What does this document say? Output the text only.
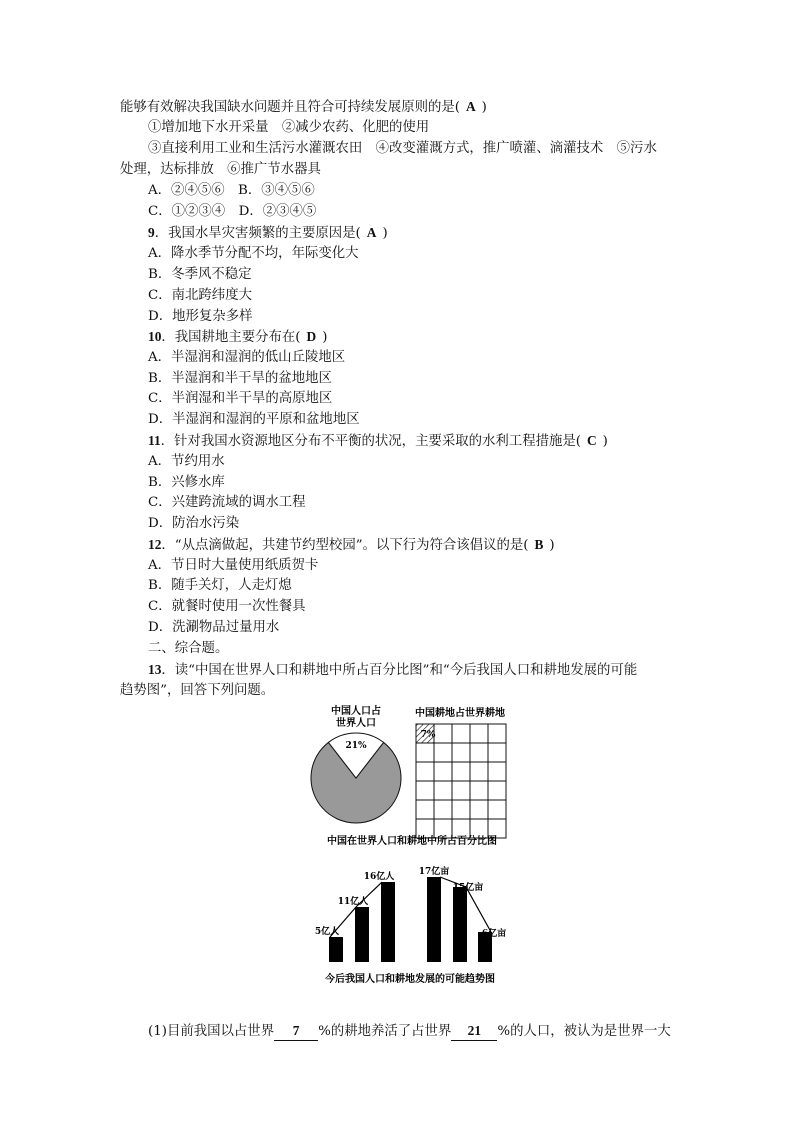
能够有效解决我国缺水问题并且符合可持续发展原则的是( A )
①增加地下水开采量　②减少农药、化肥的使用
③直接利用工业和生活污水灌溉农田　④改变灌溉方式，推广喷灌、滴灌技术　⑤污水
处理，达标排放　⑥推广节水器具
A．②④⑤⑥　B．③④⑤⑥
C．①②③④　D．②③④⑤
9．我国水旱灾害频繁的主要原因是( A )
A．降水季节分配不均，年际变化大
B．冬季风不稳定
C．南北跨纬度大
D．地形复杂多样
10．我国耕地主要分布在( D )
A．半湿润和湿润的低山丘陵地区
B．半湿润和半干旱的盆地地区
C．半润湿和半干旱的高原地区
D．半湿润和湿润的平原和盆地地区
11．针对我国水资源地区分布不平衡的状况，主要采取的水利工程措施是( C )
A．节约用水
B．兴修水库
C．兴建跨流域的调水工程
D．防治水污染
12．“从点滴做起，共建节约型校园”。以下行为符合该倡议的是( B )
A．节日时大量使用纸质贺卡
B．随手关灯，人走灯熄
C．就餐时使用一次性餐具
D．洗涮物品过量用水
二、综合题。
13．读“中国在世界人口和耕地中所占百分比图”和“今后我国人口和耕地发展的可能
趋势图”，回答下列问题。
中国人口占
世界人口
21%
中国耕地占世界耕地
7%
中国在世界人口和耕地中所占百分比图
5亿人
11亿人
16亿人	17亿亩
15亿亩
6亿亩
今后我国人口和耕地发展的可能趋势图
(1)目前我国以占世界 7 %的耕地养活了占世界 21 %的人口，被认为是世界一大
